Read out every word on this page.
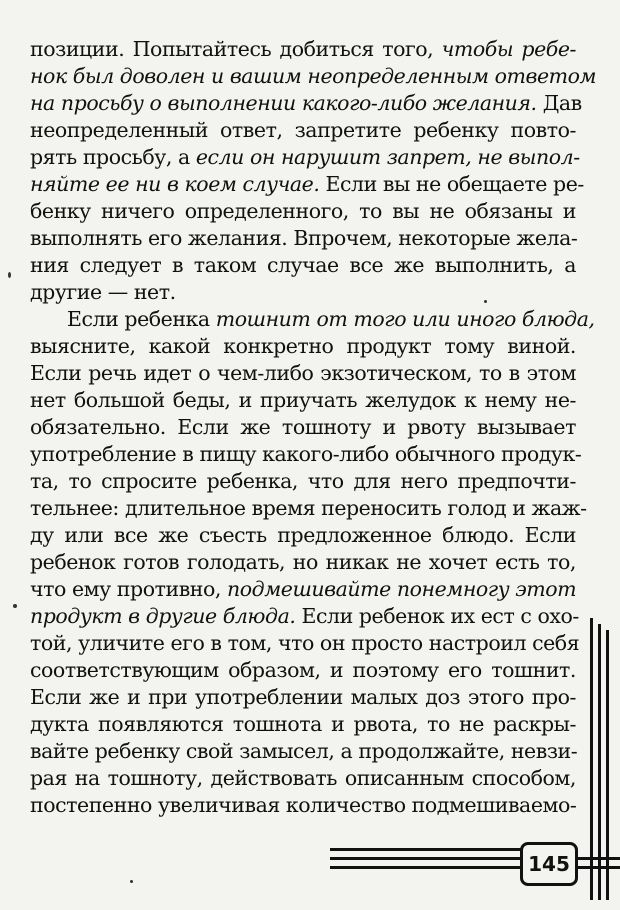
позиции. Попытайтесь добиться того, чтобы ребе-
нок был доволен и вашим неопределенным ответом
на просьбу о выполнении какого-либо желания. Дав
неопределенный ответ, запретите ребенку повто-
рять просьбу, а если он нарушит запрет, не выпол-
няйте ее ни в коем случае. Если вы не обещаете ре-
бенку ничего определенного, то вы не обязаны и
выполнять его желания. Впрочем, некоторые жела-
ния следует в таком случае все же выполнить, а
другие — нет.
Если ребенка тошнит от того или иного блюда,
выясните, какой конкретно продукт тому виной.
Если речь идет о чем-либо экзотическом, то в этом
нет большой беды, и приучать желудок к нему не-
обязательно. Если же тошноту и рвоту вызывает
употребление в пищу какого-либо обычного продук-
та, то спросите ребенка, что для него предпочти-
тельнее: длительное время переносить голод и жаж-
ду или все же съесть предложенное блюдо. Если
ребенок готов голодать, но никак не хочет есть то,
что ему противно, подмешивайте понемногу этот
продукт в другие блюда. Если ребенок их ест с охо-
той, уличите его в том, что он просто настроил себя
соответствующим образом, и поэтому его тошнит.
Если же и при употреблении малых доз этого про-
дукта появляются тошнота и рвота, то не раскры-
вайте ребенку свой замысел, а продолжайте, невзи-
рая на тошноту, действовать описанным способом,
постепенно увеличивая количество подмешиваемо-
145
